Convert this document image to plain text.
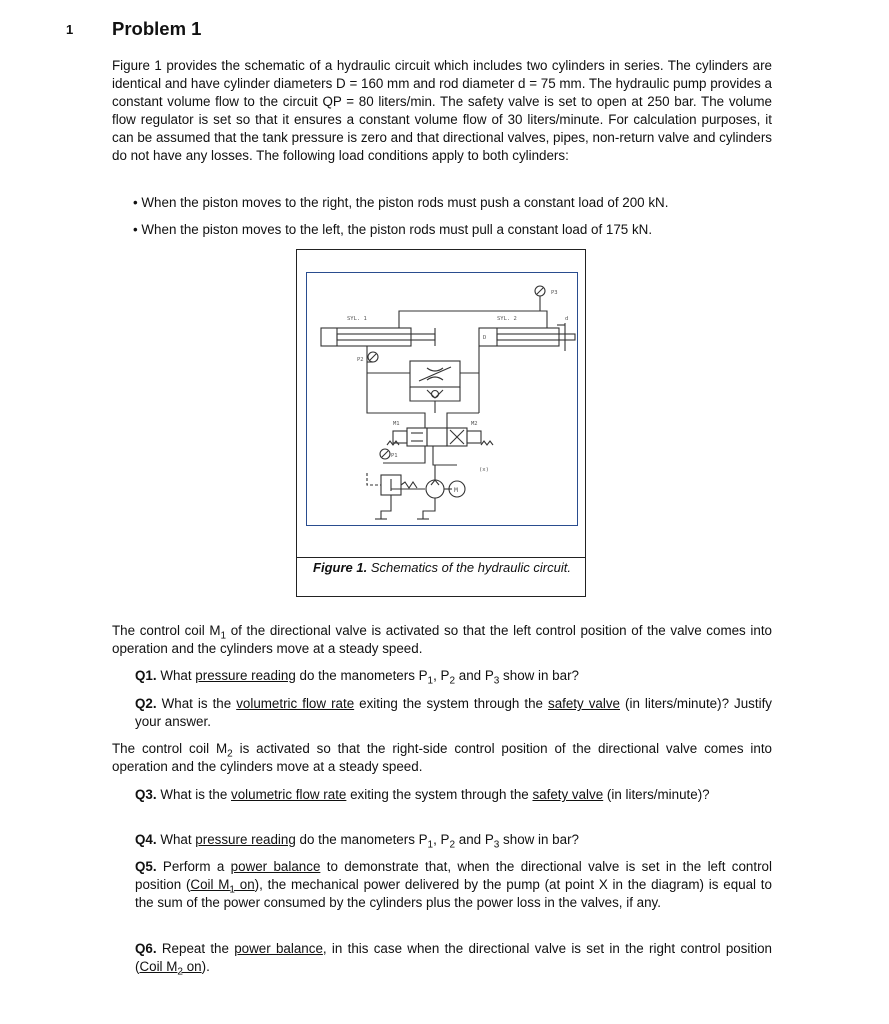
1 Problem 1

Figure 1 provides the schematic of a hydraulic circuit which includes two cylinders in series. The cylinders are identical and have cylinder diameters D = 160 mm and rod diameter d = 75 mm. The hydraulic pump provides a constant volume flow to the circuit QP = 80 liters/min. The safety valve is set to open at 250 bar. The volume flow regulator is set so that it ensures a constant volume flow of 30 liters/minute. For calculation purposes, it can be assumed that the tank pressure is zero and that directional valves, pipes, non-return valve and cylinders do not have any losses. The following load conditions apply to both cylinders:

• When the piston moves to the right, the piston rods must push a constant load of 200 kN.

• When the piston moves to the left, the piston rods must pull a constant load of 175 kN.

SYL. 1	SYL. 2
P3
P2
P1
M1	M2
(x)
M
d
D
Figure 1. Schematics of the hydraulic circuit.

The control coil $M_1$ of the directional valve is activated so that the left control position of the valve comes into operation and the cylinders move at a steady speed.

Q1. What pressure reading do the manometers $P_1$, $P_2$ and $P_3$ show in bar?

Q2. What is the volumetric flow rate exiting the system through the safety valve (in liters/minute)? Justify your answer.

The control coil $M_2$ is activated so that the right-side control position of the directional valve comes into operation and the cylinders move at a steady speed.

Q3. What is the volumetric flow rate exiting the system through the safety valve (in liters/minute)?

Q4. What pressure reading do the manometers $P_1$, $P_2$ and $P_3$ show in bar?

Q5. Perform a power balance to demonstrate that, when the directional valve is set in the left control position (Coil $M_1$ on), the mechanical power delivered by the pump (at point X in the diagram) is equal to the sum of the power consumed by the cylinders plus the power loss in the valves, if any.

Q6. Repeat the power balance, in this case when the directional valve is set in the right control position (Coil $M_2$ on).
